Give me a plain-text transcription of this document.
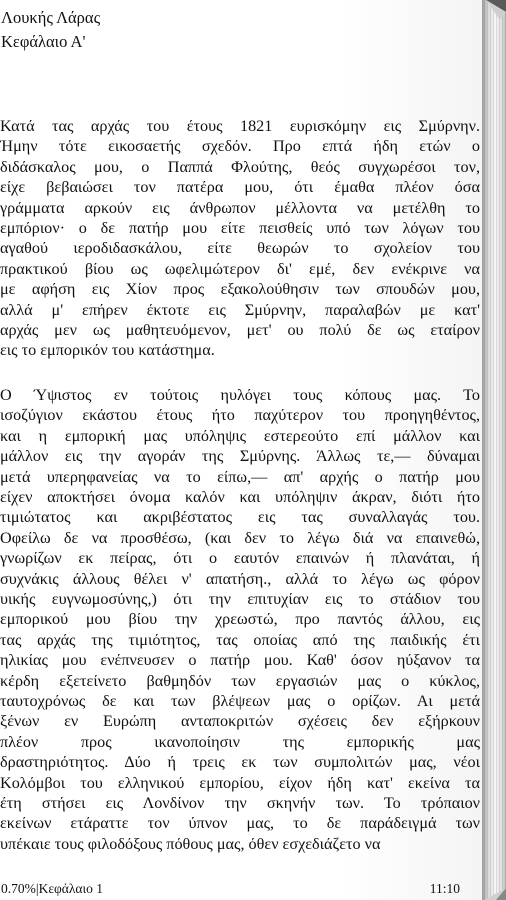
Λουκής Λάρας
Κεφάλαιο Α'
Κατά τας αρχάς του έτους 1821 ευρισκόμην εις Σμύρνην.
Ήμην τότε εικοσαετής σχεδόν. Προ επτά ήδη ετών ο
διδάσκαλος μου, ο Παππά Φλούτης, θεός συγχωρέσοι τον,
είχε βεβαιώσει τον πατέρα μου, ότι έμαθα πλέον όσα
γράμματα αρκούν εις άνθρωπον μέλλοντα να μετέλθη το
εμπόριον· ο δε πατήρ μου είτε πεισθείς υπό των λόγων του
αγαθού ιεροδιδασκάλου, είτε θεωρών το σχολείον του
πρακτικού βίου ως ωφελιμώτερον δι' εμέ, δεν ενέκρινε να
με αφήση εις Χίον προς εξακολούθησιν των σπουδών μου,
αλλά μ' επήρεν έκτοτε εις Σμύρνην, παραλαβών με κατ'
αρχάς μεν ως μαθητευόμενον, μετ' ου πολύ δε ως εταίρον
εις το εμπορικόν του κατάστημα.
Ο Ύψιστος εν τούτοις ηυλόγει τους κόπους μας. Το
ισοζύγιον εκάστου έτους ήτο παχύτερον του προηγηθέντος,
και η εμπορική μας υπόληψις εστερεούτο επί μάλλον και
μάλλον εις την αγοράν της Σμύρνης. Άλλως τε,— δύναμαι
μετά υπερηφανείας να το είπω,— απ' αρχής ο πατήρ μου
είχεν αποκτήσει όνομα καλόν και υπόληψιν άκραν, διότι ήτο
τιμιώτατος και ακριβέστατος εις τας συναλλαγάς του.
Οφείλω δε να προσθέσω, (και δεν το λέγω διά να επαινεθώ,
γνωρίζων εκ πείρας, ότι ο εαυτόν επαινών ή πλανάται, ή
συχνάκις άλλους θέλει ν' απατήση., αλλά το λέγω ως φόρον
υικής ευγνωμοσύνης,) ότι την επιτυχίαν εις το στάδιον του
εμπορικού μου βίου την χρεωστώ, προ παντός άλλου, εις
τας αρχάς της τιμιότητος, τας οποίας από της παιδικής έτι
ηλικίας μου ενέπνευσεν ο πατήρ μου. Καθ' όσον ηύξανον τα
κέρδη εξετείνετο βαθμηδόν των εργασιών μας ο κύκλος,
ταυτοχρόνως δε και των βλέψεων μας ο ορίζων. Αι μετά
ξένων εν Ευρώπη ανταποκριτών σχέσεις δεν εξήρκουν
πλέον προς ικανοποίησιν της εμπορικής μας
δραστηριότητος. Δύο ή τρεις εκ των συμπολιτών μας, νέοι
Κολόμβοι του ελληνικού εμπορίου, είχον ήδη κατ' εκείνα τα
έτη στήσει εις Λονδίνον την σκηνήν των. Το τρόπαιον
εκείνων ετάραττε τον ύπνον μας, το δε παράδειγμά των
υπέκαιε τους φιλοδόξους πόθους μας, όθεν εσχεδιάζετο να
0.70%|Κεφάλαιο 1	11:10
